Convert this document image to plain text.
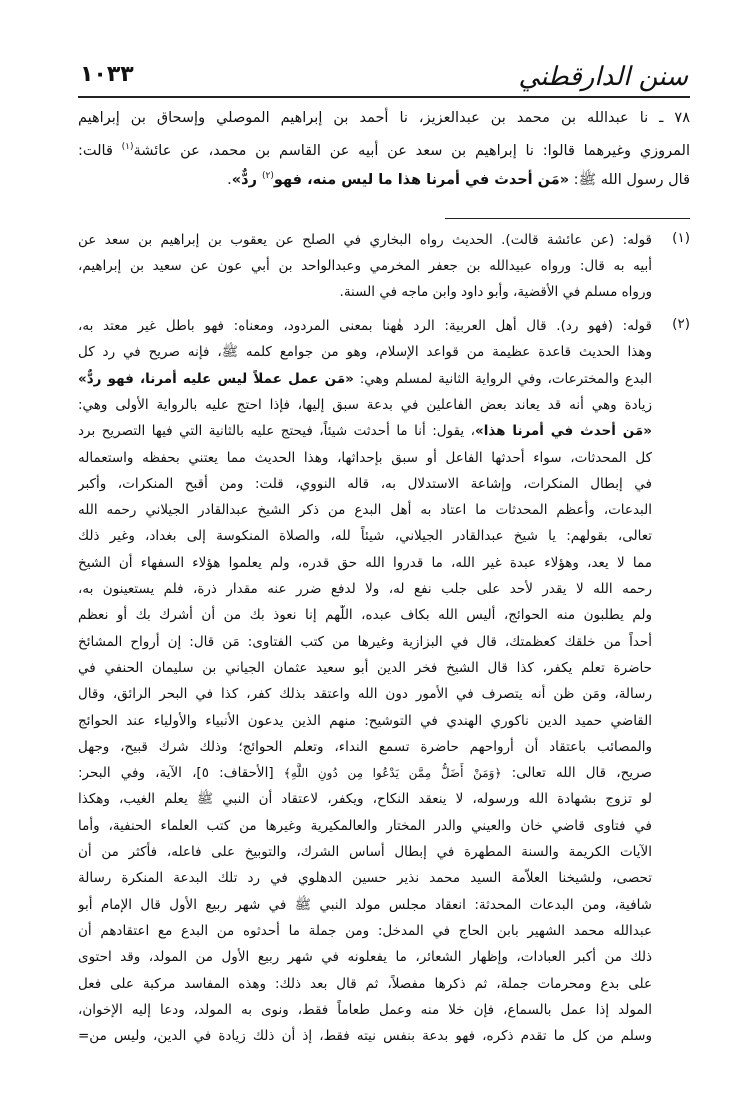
سنن الدارقطني
١٠٣٣
٧٨ ـ نا عبدالله بن محمد بن عبدالعزيز، نا أحمد بن إبراهيم الموصلي وإسحاق بن إبراهيم
المروزي وغيرهما قالوا: نا إبراهيم بن سعد عن أبيه عن القاسم بن محمد، عن عائشة$^{(١)}$ قالت:
قال رسول الله ﷺ: «مَن أحدث في أمرنا هذا ما ليس منه، فهو$^{(٢)}$ ردٌّ».
(١)
قوله: (عن عائشة قالت). الحديث رواه البخاري في الصلح عن يعقوب بن إبراهيم بن سعد عن
أبيه به قال: ورواه عبيدالله بن جعفر المخرمي وعبدالواحد بن أبي عون عن سعيد بن إبراهيم،
ورواه مسلم في الأقضية، وأبو داود وابن ماجه في السنة.
(٢)
قوله: (فهو رد). قال أهل العربية: الرد هٰهنا بمعنى المردود، ومعناه: فهو باطل غير معتد به،
وهذا الحديث قاعدة عظيمة من قواعد الإسلام، وهو من جوامع كلمه ﷺ، فإنه صريح في رد كل
البدع والمخترعات، وفي الرواية الثانية لمسلم وهي: «مَن عمل عملاً ليس عليه أمرنا، فهو ردٌّ»
زيادة وهي أنه قد يعاند بعض الفاعلين في بدعة سبق إليها، فإذا احتج عليه بالرواية الأولى وهي:
«مَن أحدث في أمرنا هذا»، يقول: أنا ما أحدثت شيئاً، فيحتج عليه بالثانية التي فيها التصريح برد
كل المحدثات، سواء أحدثها الفاعل أو سبق بإحداثها، وهذا الحديث مما يعتني بحفظه واستعماله
في إبطال المنكرات، وإشاعة الاستدلال به، قاله النووي، قلت: ومن أقبح المنكرات، وأكبر
البدعات، وأعظم المحدثات ما اعتاد به أهل البدع من ذكر الشيخ عبدالقادر الجيلاني رحمه الله
تعالى، بقولهم: يا شيخ عبدالقادر الجيلاني، شيئاً لله، والصلاة المنكوسة إلى بغداد، وغير ذلك
مما لا يعد، وهؤلاء عبدة غير الله، ما قدروا الله حق قدره، ولم يعلموا هؤلاء السفهاء أن الشيخ
رحمه الله لا يقدر لأحد على جلب نفع له، ولا لدفع ضرر عنه مقدار ذرة، فلم يستعينون به،
ولم يطلبون منه الحوائج، أليس الله بكاف عبده، اللّٰهم إنا نعوذ بك من أن أشرك بك أو نعظم
أحداً من خلقك كعظمتك، قال في البزازية وغيرها من كتب الفتاوى: مَن قال: إن أرواح المشائخ
حاضرة تعلم يكفر، كذا قال الشيخ فخر الدين أبو سعيد عثمان الجياني بن سليمان الحنفي في
رسالة، ومَن ظن أنه يتصرف في الأمور دون الله واعتقد بذلك كفر، كذا في البحر الرائق، وقال
القاضي حميد الدين ناكوري الهندي في التوشيح: منهم الذين يدعون الأنبياء والأولياء عند الحوائج
والمصائب باعتقاد أن أرواحهم حاضرة تسمع النداء، وتعلم الحوائج؛ وذلك شرك قبيح، وجهل
صريح، قال الله تعالى: ﴿وَمَنْ أَضَلُّ مِمَّن يَدْعُوا مِن دُونِ اللَّهِ﴾ [الأحقاف: ٥]، الآية، وفي البحر:
لو تزوج بشهادة الله ورسوله، لا ينعقد النكاح، ويكفر، لاعتقاد أن النبي ﷺ يعلم الغيب، وهكذا
في فتاوى قاضي خان والعيني والدر المختار والعالمكيرية وغيرها من كتب العلماء الحنفية، وأما
الآيات الكريمة والسنة المطهرة في إبطال أساس الشرك، والتوبيخ على فاعله، فأكثر من أن
تحصى، ولشيخنا العلاّمة السيد محمد نذير حسين الدهلوي في رد تلك البدعة المنكرة رسالة
شافية، ومن البدعات المحدثة: انعقاد مجلس مولد النبي ﷺ في شهر ربيع الأول قال الإمام أبو
عبدالله محمد الشهير بابن الحاج في المدخل: ومن جملة ما أحدثوه من البدع مع اعتقادهم أن
ذلك من أكبر العبادات، وإظهار الشعائر، ما يفعلونه في شهر ربيع الأول من المولد، وقد احتوى
على بدع ومحرمات جملة، ثم ذكرها مفصلاً، ثم قال بعد ذلك: وهذه المفاسد مركبة على فعل
المولد إذا عمل بالسماع، فإن خلا منه وعمل طعاماً فقط، ونوى به المولد، ودعا إليه الإخوان،
وسلم من كل ما تقدم ذكره، فهو بدعة بنفس نيته فقط، إذ أن ذلك زيادة في الدين، وليس من=
